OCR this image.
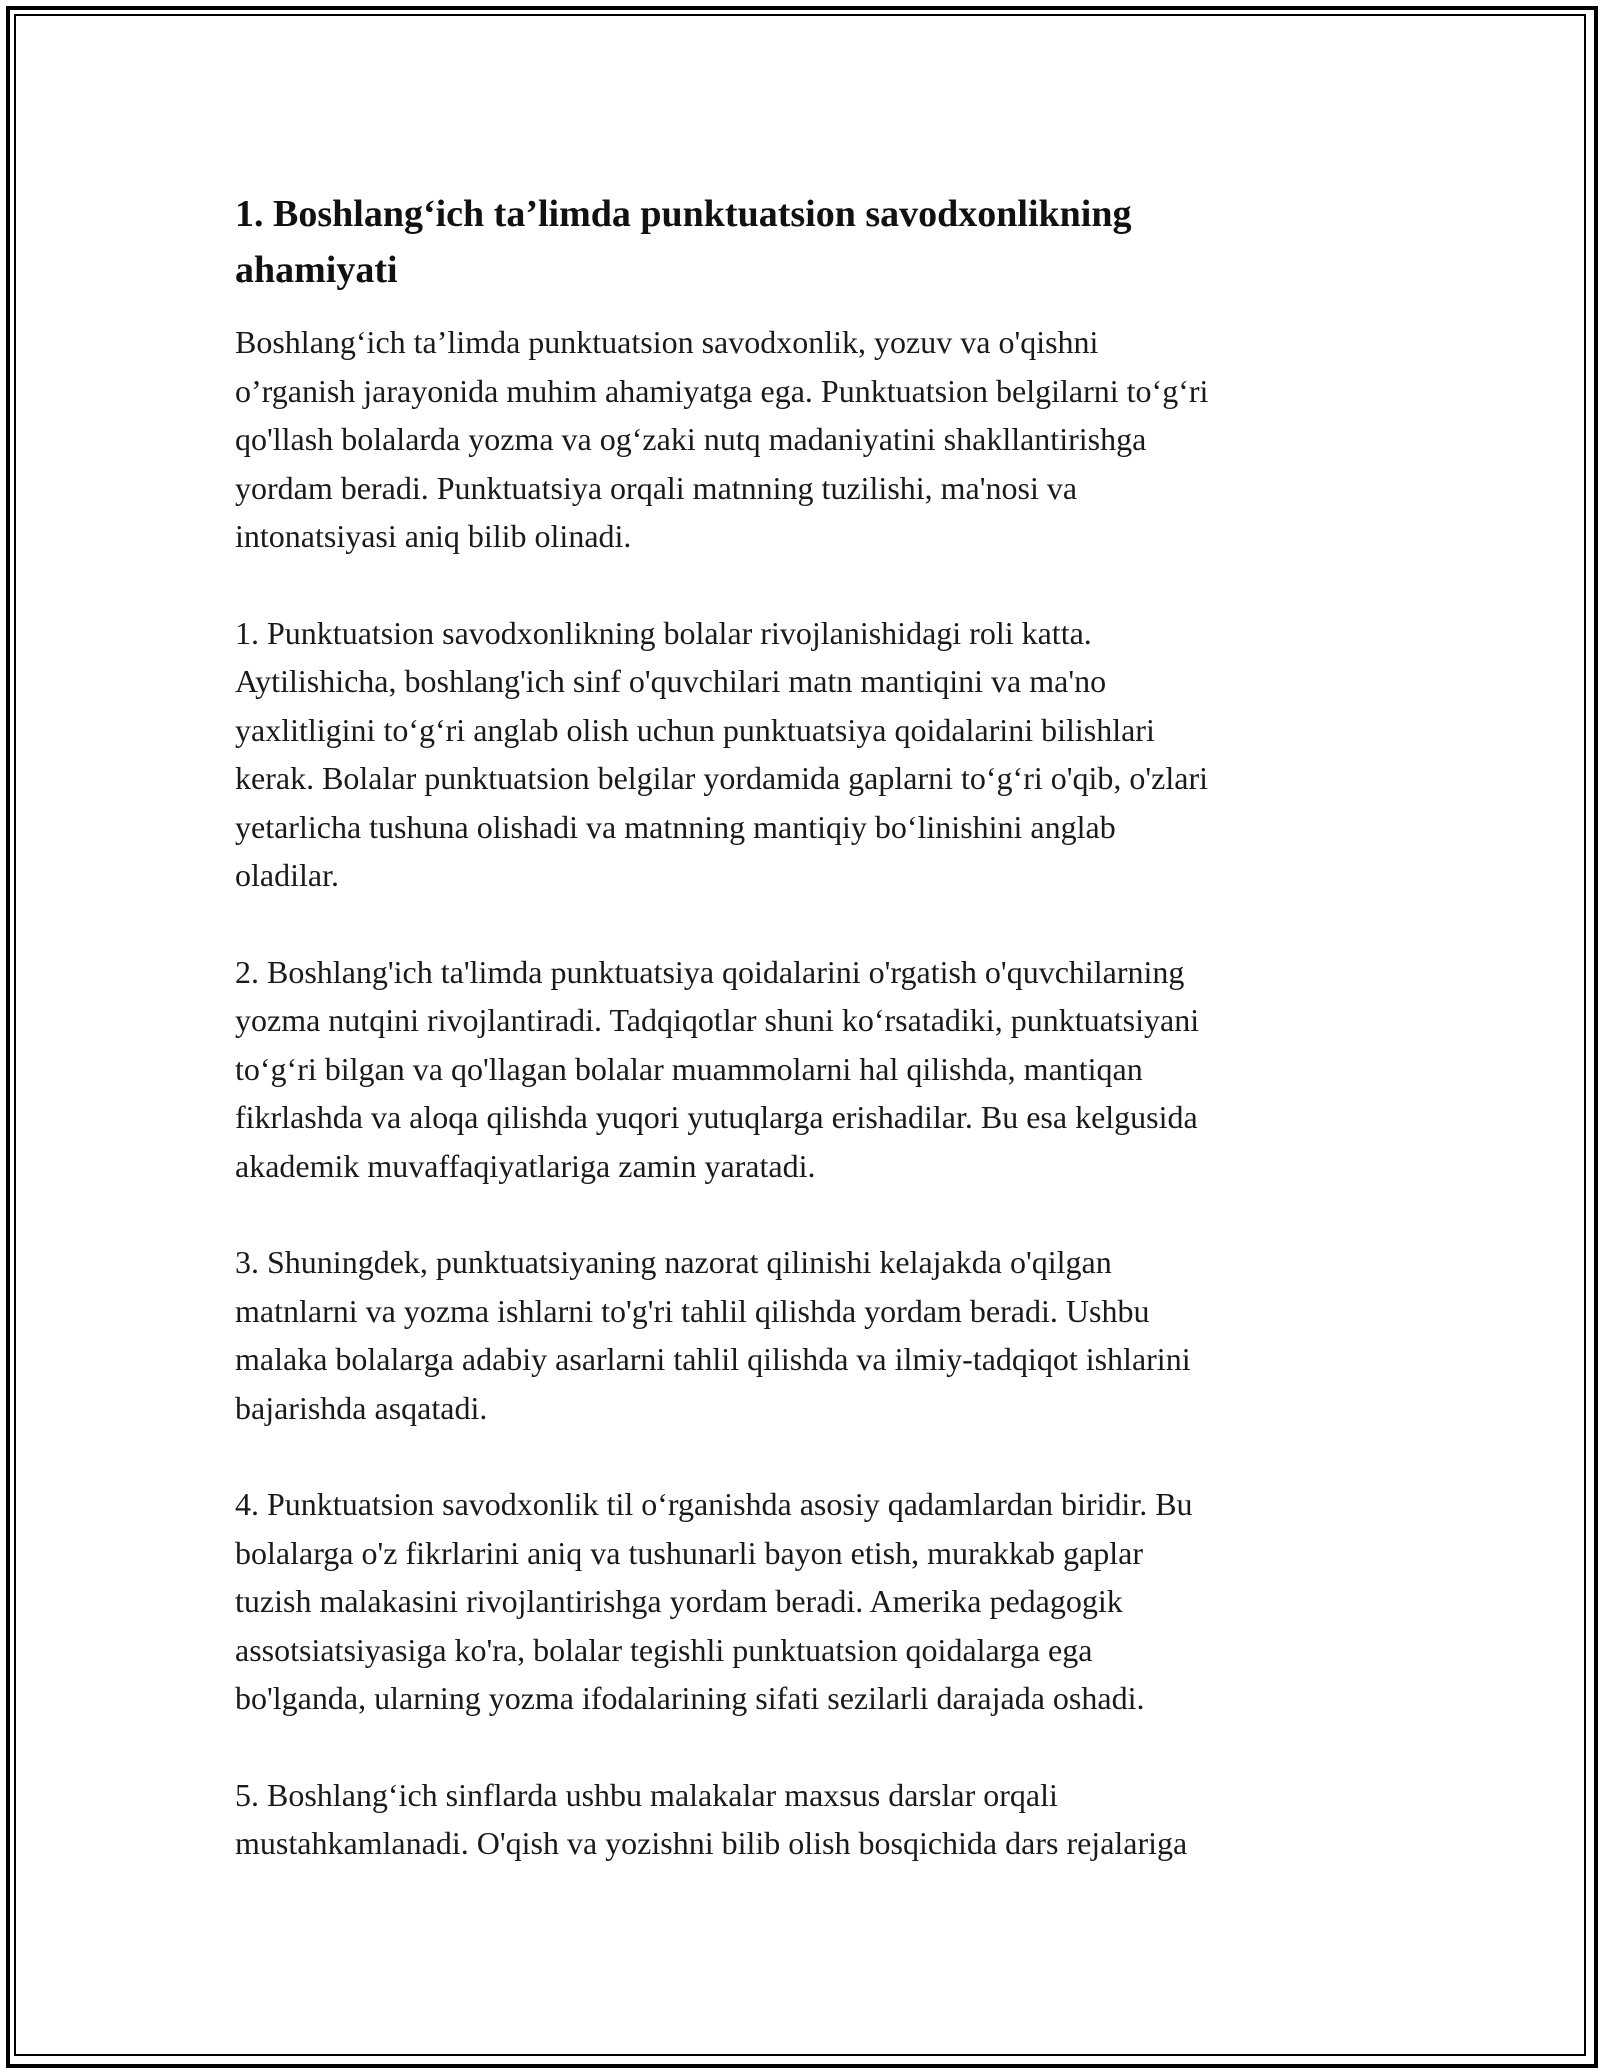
1. Boshlang‘ich ta’limda punktuatsion savodxonlikning
ahamiyati

Boshlang‘ich ta’limda punktuatsion savodxonlik, yozuv va o'qishni
o’rganish jarayonida muhim ahamiyatga ega. Punktuatsion belgilarni to‘g‘ri
qo'llash bolalarda yozma va og‘zaki nutq madaniyatini shakllantirishga
yordam beradi. Punktuatsiya orqali matnning tuzilishi, ma'nosi va
intonatsiyasi aniq bilib olinadi.

1. Punktuatsion savodxonlikning bolalar rivojlanishidagi roli katta.
Aytilishicha, boshlang'ich sinf o'quvchilari matn mantiqini va ma'no
yaxlitligini to‘g‘ri anglab olish uchun punktuatsiya qoidalarini bilishlari
kerak. Bolalar punktuatsion belgilar yordamida gaplarni to‘g‘ri o'qib, o'zlari
yetarlicha tushuna olishadi va matnning mantiqiy bo‘linishini anglab
oladilar.

2. Boshlang'ich ta'limda punktuatsiya qoidalarini o'rgatish o'quvchilarning
yozma nutqini rivojlantiradi. Tadqiqotlar shuni ko‘rsatadiki, punktuatsiyani
to‘g‘ri bilgan va qo'llagan bolalar muammolarni hal qilishda, mantiqan
fikrlashda va aloqa qilishda yuqori yutuqlarga erishadilar. Bu esa kelgusida
akademik muvaffaqiyatlariga zamin yaratadi.

3. Shuningdek, punktuatsiyaning nazorat qilinishi kelajakda o'qilgan
matnlarni va yozma ishlarni to'g'ri tahlil qilishda yordam beradi. Ushbu
malaka bolalarga adabiy asarlarni tahlil qilishda va ilmiy-tadqiqot ishlarini
bajarishda asqatadi.

4. Punktuatsion savodxonlik til o‘rganishda asosiy qadamlardan biridir. Bu
bolalarga o'z fikrlarini aniq va tushunarli bayon etish, murakkab gaplar
tuzish malakasini rivojlantirishga yordam beradi. Amerika pedagogik
assotsiatsiyasiga ko'ra, bolalar tegishli punktuatsion qoidalarga ega
bo'lganda, ularning yozma ifodalarining sifati sezilarli darajada oshadi.

5. Boshlang‘ich sinflarda ushbu malakalar maxsus darslar orqali
mustahkamlanadi. O'qish va yozishni bilib olish bosqichida dars rejalariga
